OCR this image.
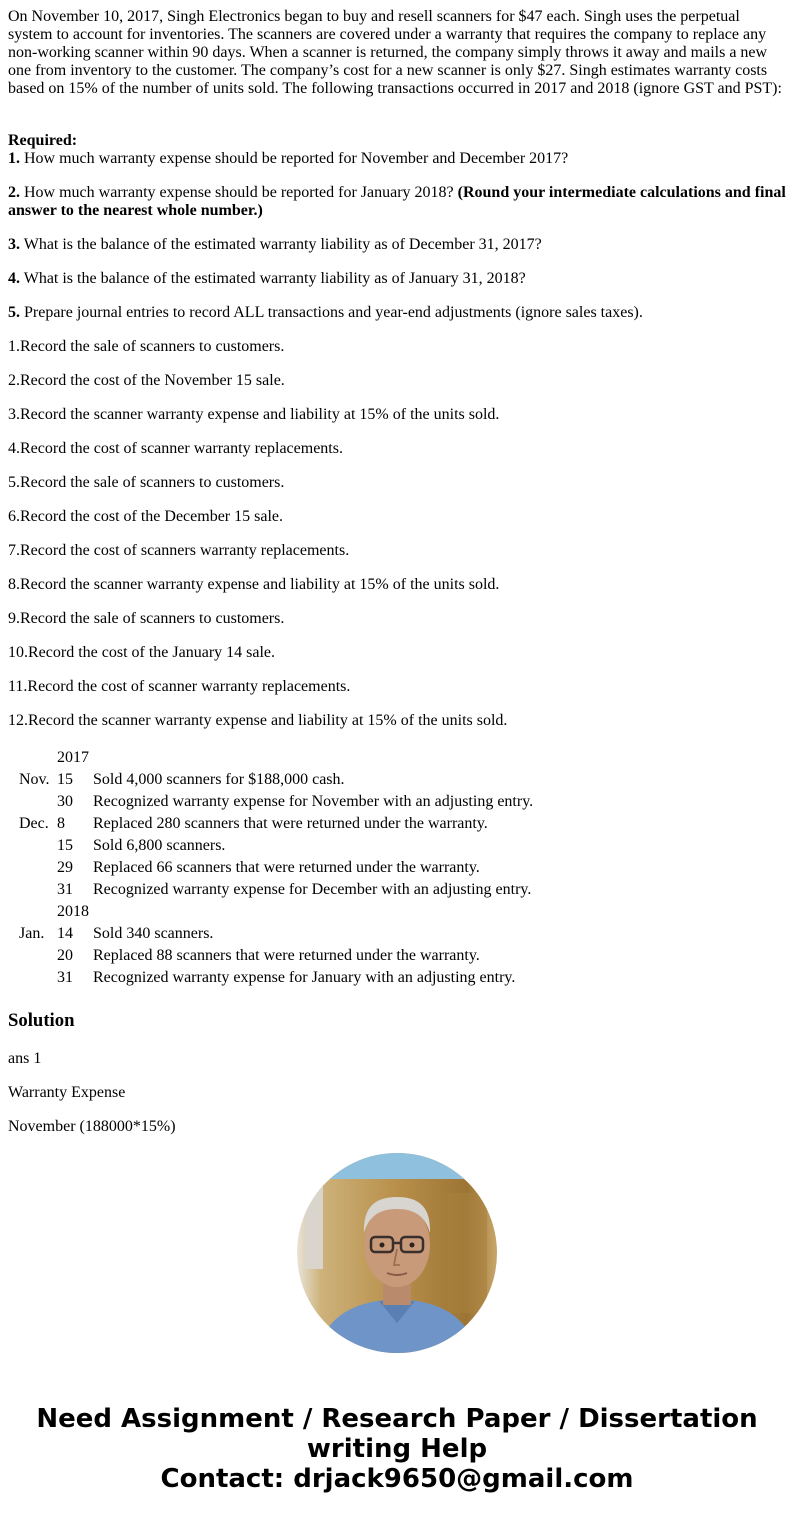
On November 10, 2017, Singh Electronics began to buy and resell scanners for $47 each. Singh uses the perpetual system to account for inventories. The scanners are covered under a warranty that requires the company to replace any non-working scanner within 90 days. When a scanner is returned, the company simply throws it away and mails a new one from inventory to the customer. The company’s cost for a new scanner is only $27. Singh estimates warranty costs based on 15% of the number of units sold. The following transactions occurred in 2017 and 2018 (ignore GST and PST):

Required:
1. How much warranty expense should be reported for November and December 2017?

2. How much warranty expense should be reported for January 2018? (Round your intermediate calculations and final answer to the nearest whole number.)

3. What is the balance of the estimated warranty liability as of December 31, 2017?

4. What is the balance of the estimated warranty liability as of January 31, 2018?

5. Prepare journal entries to record ALL transactions and year-end adjustments (ignore sales taxes).

1.Record the sale of scanners to customers.

2.Record the cost of the November 15 sale.

3.Record the scanner warranty expense and liability at 15% of the units sold.

4.Record the cost of scanner warranty replacements.

5.Record the sale of scanners to customers.

6.Record the cost of the December 15 sale.

7.Record the cost of scanners warranty replacements.

8.Record the scanner warranty expense and liability at 15% of the units sold.

9.Record the sale of scanners to customers.

10.Record the cost of the January 14 sale.

11.Record the cost of scanner warranty replacements.

12.Record the scanner warranty expense and liability at 15% of the units sold.

	2017	
Nov.	15	Sold 4,000 scanners for $188,000 cash.
	30	Recognized warranty expense for November with an adjusting entry.
Dec.	8	Replaced 280 scanners that were returned under the warranty.
	15	Sold 6,800 scanners.
	29	Replaced 66 scanners that were returned under the warranty.
	31	Recognized warranty expense for December with an adjusting entry.
	2018	
Jan.	14	Sold 340 scanners.
	20	Replaced 88 scanners that were returned under the warranty.
	31	Recognized warranty expense for January with an adjusting entry.
Solution

ans 1

Warranty Expense

November (188000*15%)

Need Assignment / Research Paper / Dissertation
writing Help
Contact: drjack9650@gmail.com
